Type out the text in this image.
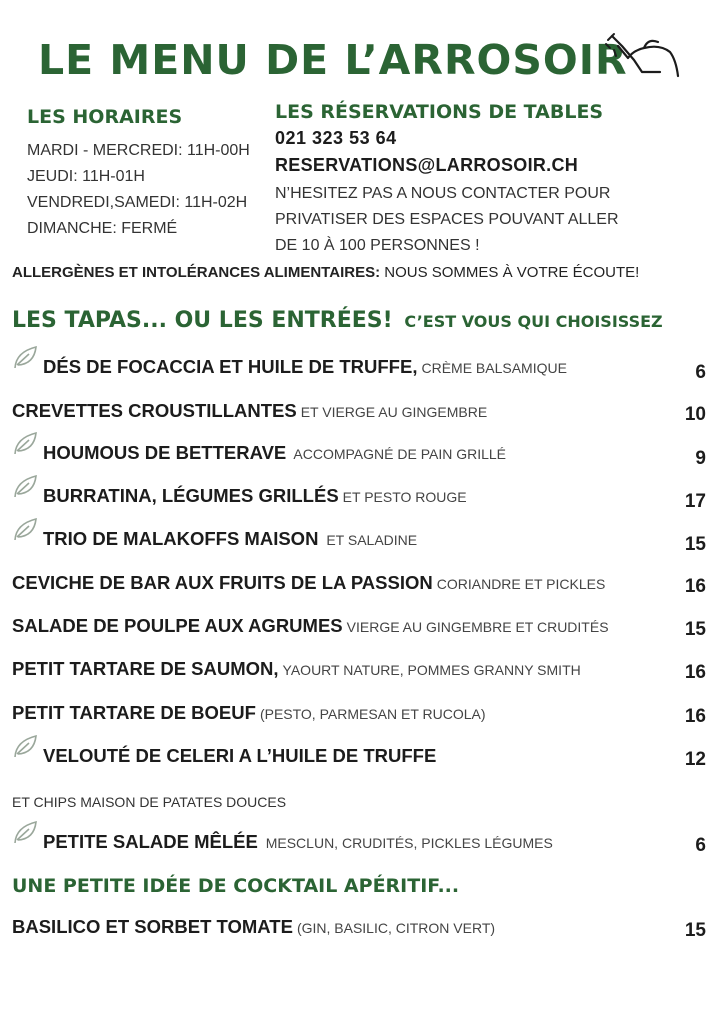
LE MENU DE L’ARROSOIR
LES HORAIRES
MARDI - MERCREDI: 11H-00H
JEUDI: 11H-01H
VENDREDI,SAMEDI: 11H-02H
DIMANCHE: FERMÉ
LES RÉSERVATIONS DE TABLES
021 323 53 64
RESERVATIONS@LARROSOIR.CH
N’HESITEZ PAS A NOUS CONTACTER POUR
PRIVATISER DES ESPACES POUVANT ALLER
DE 10 À 100 PERSONNES !
ALLERGÈNES ET INTOLÉRANCES ALIMENTAIRES: NOUS SOMMES À VOTRE ÉCOUTE!
LES TAPAS... OU LES ENTRÉES! C’EST VOUS QUI CHOISISSEZ
DÉS DE FOCACCIA ET HUILE DE TRUFFE, CRÈME BALSAMIQUE	6
CREVETTES CROUSTILLANTES ET VIERGE AU GINGEMBRE	10
HOUMOUS DE BETTERAVE ACCOMPAGNÉ DE PAIN GRILLÉ	9
BURRATINA, LÉGUMES GRILLÉS ET PESTO ROUGE	17
TRIO DE MALAKOFFS MAISON ET SALADINE	15
CEVICHE DE BAR AUX FRUITS DE LA PASSION CORIANDRE ET PICKLES	16
SALADE DE POULPE AUX AGRUMES VIERGE AU GINGEMBRE ET CRUDITÉS	15
PETIT TARTARE DE SAUMON, YAOURT NATURE, POMMES GRANNY SMITH	16
PETIT TARTARE DE BOEUF (PESTO, PARMESAN ET RUCOLA)	16
VELOUTÉ DE CELERI A L’HUILE DE TRUFFE	12
ET CHIPS MAISON DE PATATES DOUCES
PETITE SALADE MÊLÉE MESCLUN, CRUDITÉS, PICKLES LÉGUMES	6
UNE PETITE IDÉE DE COCKTAIL APÉRITIF...
BASILICO ET SORBET TOMATE (GIN, BASILIC, CITRON VERT)	15
